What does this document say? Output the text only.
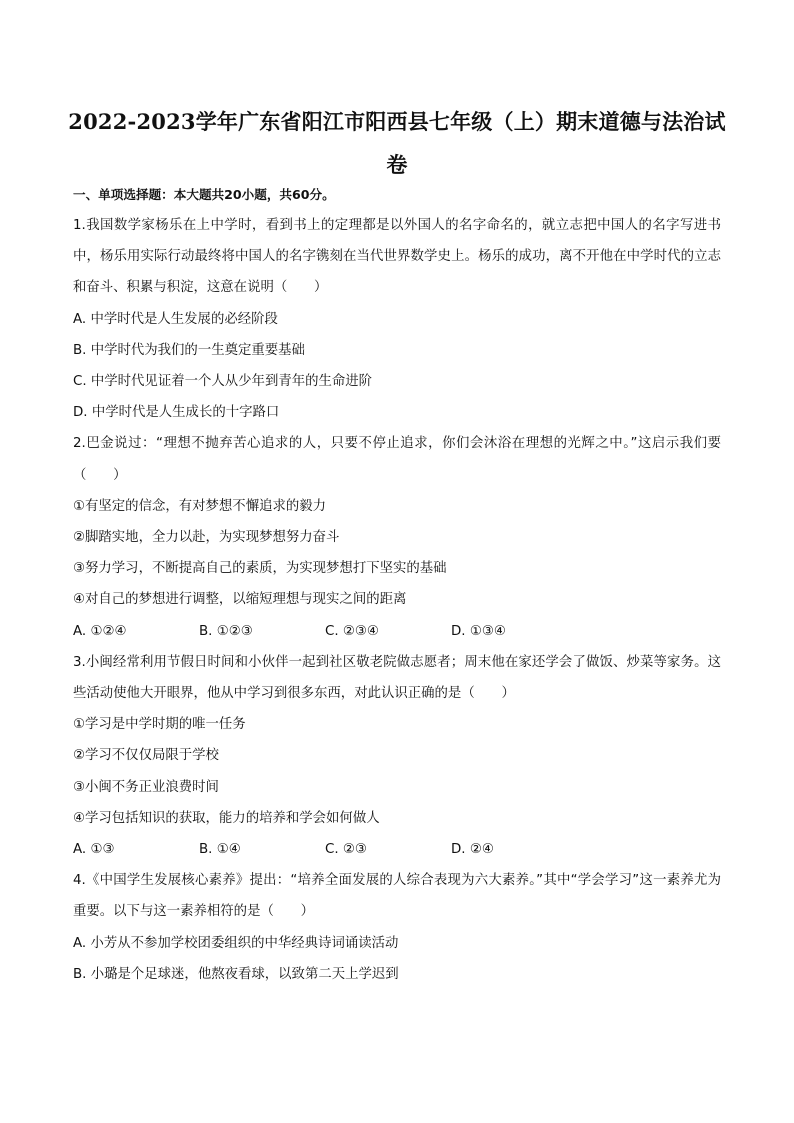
2022-2023学年广东省阳江市阳西县七年级（上）期末道德与法治试卷
一、单项选择题：本大题共20小题，共60分。
1.我国数学家杨乐在上中学时，看到书上的定理都是以外国人的名字命名的，就立志把中国人的名字写进书中，杨乐用实际行动最终将中国人的名字镌刻在当代世界数学史上。杨乐的成功，离不开他在中学时代的立志和奋斗、积累与积淀，这意在说明（　　）
A. 中学时代是人生发展的必经阶段
B. 中学时代为我们的一生奠定重要基础
C. 中学时代见证着一个人从少年到青年的生命进阶
D. 中学时代是人生成长的十字路口
2.巴金说过：“理想不抛弃苦心追求的人，只要不停止追求，你们会沐浴在理想的光辉之中。”这启示我们要（　　）
①有坚定的信念，有对梦想不懈追求的毅力
②脚踏实地，全力以赴，为实现梦想努力奋斗
③努力学习，不断提高自己的素质，为实现梦想打下坚实的基础
④对自己的梦想进行调整，以缩短理想与现实之间的距离
A. ①②④	B. ①②③	C. ②③④	D. ①③④
3.小闽经常利用节假日时间和小伙伴一起到社区敬老院做志愿者；周末他在家还学会了做饭、炒菜等家务。这些活动使他大开眼界，他从中学习到很多东西，对此认识正确的是（　　）
①学习是中学时期的唯一任务
②学习不仅仅局限于学校
③小闽不务正业浪费时间
④学习包括知识的获取，能力的培养和学会如何做人
A. ①③	B. ①④	C. ②③	D. ②④
4.《中国学生发展核心素养》提出：“培养全面发展的人综合表现为六大素养。”其中“学会学习”这一素养尤为重要。以下与这一素养相符的是（　　）
A. 小芳从不参加学校团委组织的中华经典诗词诵读活动
B. 小璐是个足球迷，他熬夜看球，以致第二天上学迟到
